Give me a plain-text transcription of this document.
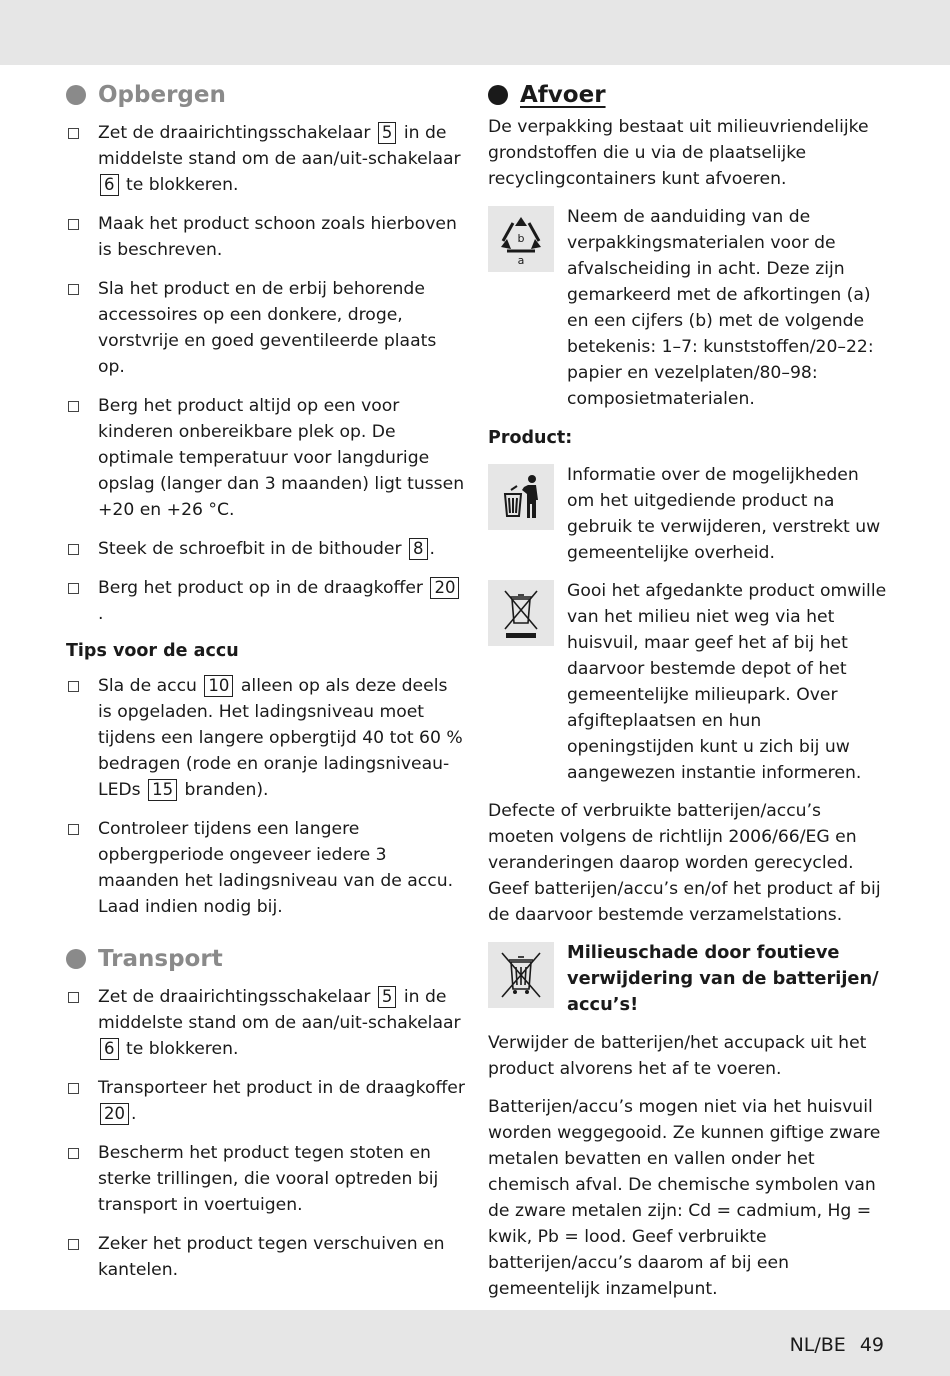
Opbergen
Zet de draairichtingsschakelaar 5 in de middelste stand om de aan/uit-schakelaar 6 te blokkeren.
Maak het product schoon zoals hierboven is beschreven.
Sla het product en de erbij behorende accessoires op een donkere, droge, vorstvrije en goed geventileerde plaats op.
Berg het product altijd op een voor kinderen onbereikbare plek op. De optimale temperatuur voor langdurige opslag (langer dan 3 maanden) ligt tussen +20 en +26 °C.
Steek de schroefbit in de bithouder 8 .
Berg het product op in de draagkoffer 20.
Tips voor de accu
Sla de accu 10 alleen op als deze deels is opgeladen. Het ladingsniveau moet tijdens een langere opbergtijd 40 tot 60 % bedragen (rode en oranje ladingsniveau-LEDs 15 branden).
Controleer tijdens een langere opbergperiode ongeveer iedere 3 maanden het ladingsniveau van de accu. Laad indien nodig bij.
Transport
Zet de draairichtingsschakelaar 5 in de middelste stand om de aan/uit-schakelaar 6 te blokkeren.
Transporteer het product in de draagkoffer 20 .
Bescherm het product tegen stoten en sterke trillingen, die vooral optreden bij transport in voertuigen.
Zeker het product tegen verschuiven en kantelen.
Afvoer
De verpakking bestaat uit milieuvriendelijke grondstoffen die u via de plaatselijke recyclingcontainers kunt afvoeren.
b
a
Neem de aanduiding van de verpakkingsmaterialen voor de afvalscheiding in acht. Deze zijn gemarkeerd met de afkortingen (a) en een cijfers (b) met de volgende betekenis: 1–7: kunststoffen/20–22: papier en vezelplaten/80–98: composietmaterialen.
Product:
Informatie over de mogelijkheden om het uitgediende product na gebruik te verwijderen, verstrekt uw gemeentelijke overheid.
Gooi het afgedankte product omwille van het milieu niet weg via het huisvuil, maar geef het af bij het daarvoor bestemde depot of het gemeentelijke milieupark. Over afgifteplaatsen en hun openingstijden kunt u zich bij uw aangewezen instantie informeren.
Defecte of verbruikte batterijen/accu’s moeten volgens de richtlijn 2006/66/EG en veranderingen daarop worden gerecycled. Geef batterijen/accu’s en/of het product af bij de daarvoor bestemde verzamelstations.
Milieuschade door foutieve verwijdering van de batterijen/ accu’s!
Verwijder de batterijen/het accupack uit het product alvorens het af te voeren.
Batterijen/accu’s mogen niet via het huisvuil worden weggegooid. Ze kunnen giftige zware metalen bevatten en vallen onder het chemisch afval. De chemische symbolen van de zware metalen zijn: Cd = cadmium, Hg = kwik, Pb = lood. Geef verbruikte batterijen/accu’s daarom af bij een gemeentelijk inzamelpunt.
NL/BE 49
